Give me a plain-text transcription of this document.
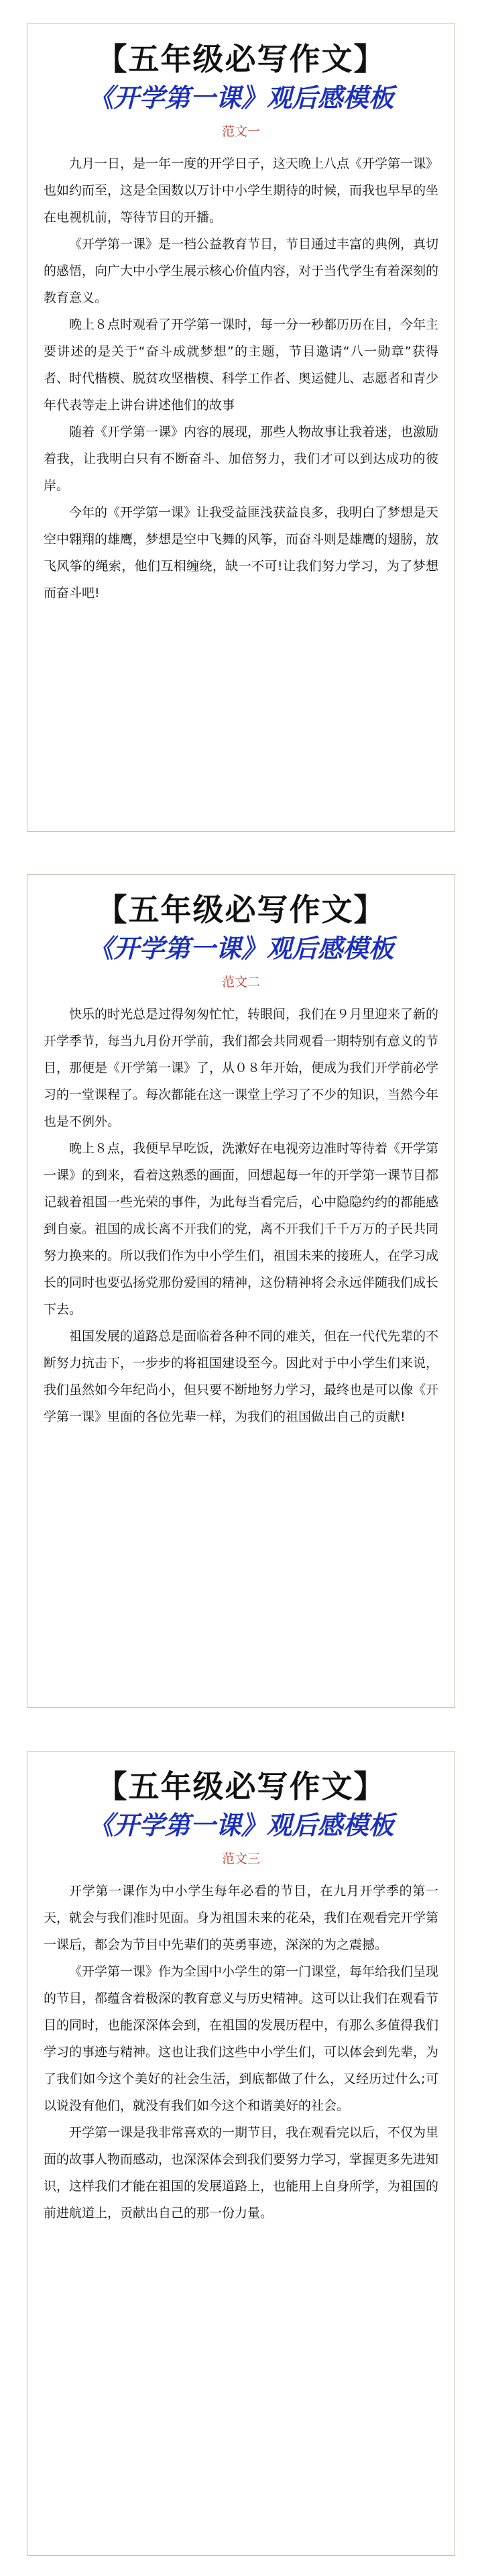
【五年级必写作文】
《开学第一课》观后感模板
范文一

九月一日，是一年一度的开学日子，这天晚上八点《开学第一课》也如约而至，这是全国数以万计中小学生期待的时候，而我也早早的坐在电视机前，等待节目的开播。

《开学第一课》是一档公益教育节目，节目通过丰富的典例，真切的感悟，向广大中小学生展示核心价值内容，对于当代学生有着深刻的教育意义。

晚上８点时观看了开学第一课时，每一分一秒都历历在目，今年主要讲述的是关于“奋斗成就梦想”的主题，节目邀请“八一勋章”获得者、时代楷模、脱贫攻坚楷模、科学工作者、奥运健儿、志愿者和青少年代表等走上讲台讲述他们的故事

随着《开学第一课》内容的展现，那些人物故事让我着迷，也激励着我，让我明白只有不断奋斗、加倍努力，我们才可以到达成功的彼岸。

今年的《开学第一课》让我受益匪浅获益良多，我明白了梦想是天空中翱翔的雄鹰，梦想是空中飞舞的风筝，而奋斗则是雄鹰的翅膀，放飞风筝的绳索，他们互相缠绕，缺一不可!让我们努力学习，为了梦想而奋斗吧!

【五年级必写作文】
《开学第一课》观后感模板
范文二

快乐的时光总是过得匆匆忙忙，转眼间，我们在９月里迎来了新的开学季节，每当九月份开学前，我们都会共同观看一期特别有意义的节目，那便是《开学第一课》了，从０８年开始，便成为我们开学前必学习的一堂课程了。每次都能在这一课堂上学习了不少的知识，当然今年也是不例外。

晚上８点，我便早早吃饭，洗漱好在电视旁边准时等待着《开学第一课》的到来，看着这熟悉的画面，回想起每一年的开学第一课节目都记载着祖国一些光荣的事件，为此每当看完后，心中隐隐约约的都能感到自豪。祖国的成长离不开我们的党，离不开我们千千万万的子民共同努力换来的。所以我们作为中小学生们，祖国未来的接班人，在学习成长的同时也要弘扬党那份爱国的精神，这份精神将会永远伴随我们成长下去。

祖国发展的道路总是面临着各种不同的难关，但在一代代先辈的不断努力抗击下，一步步的将祖国建设至今。因此对于中小学生们来说，我们虽然如今年纪尚小，但只要不断地努力学习，最终也是可以像《开学第一课》里面的各位先辈一样，为我们的祖国做出自己的贡献!

【五年级必写作文】
《开学第一课》观后感模板
范文三

开学第一课作为中小学生每年必看的节目，在九月开学季的第一天，就会与我们准时见面。身为祖国未来的花朵，我们在观看完开学第一课后，都会为节目中先辈们的英勇事迹，深深的为之震撼。

《开学第一课》作为全国中小学生的第一门课堂，每年给我们呈现的节目，都蕴含着极深的教育意义与历史精神。这可以让我们在观看节目的同时，也能深深体会到，在祖国的发展历程中，有那么多值得我们学习的事迹与精神。这也让我们这些中小学生们，可以体会到先辈，为了我们如今这个美好的社会生活，到底都做了什么，又经历过什么;可以说没有他们，就没有我们如今这个和谐美好的社会。

开学第一课是我非常喜欢的一期节目，我在观看完以后，不仅为里面的故事人物而感动，也深深体会到我们要努力学习，掌握更多先进知识，这样我们才能在祖国的发展道路上，也能用上自身所学，为祖国的前进航道上，贡献出自己的那一份力量。
